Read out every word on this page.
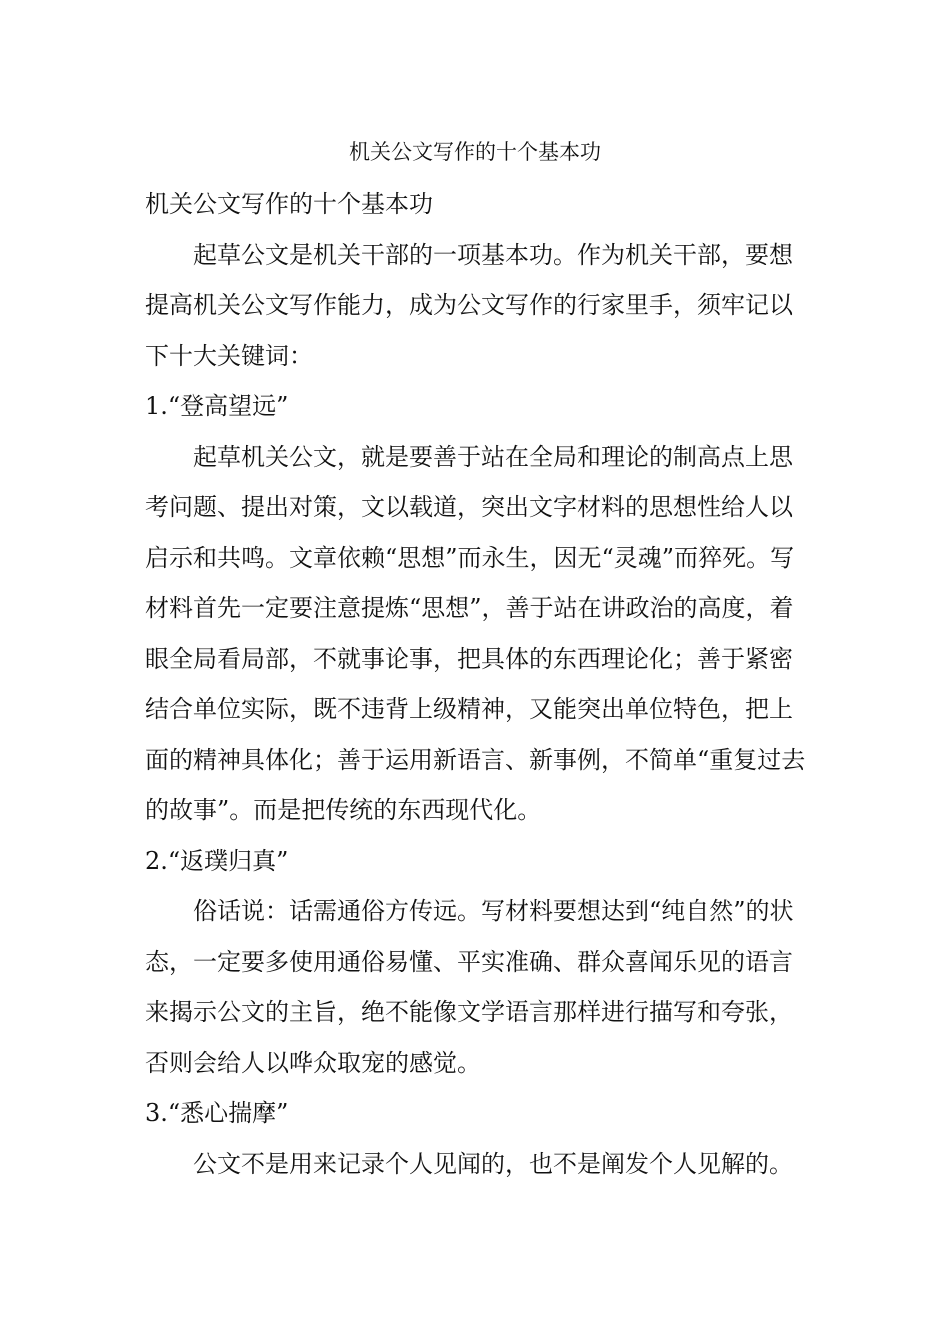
机关公文写作的十个基本功

机关公文写作的十个基本功

起草公文是机关干部的一项基本功。作为机关干部，要想提高机关公文写作能力，成为公文写作的行家里手，须牢记以下十大关键词：

1.“登高望远”

起草机关公文，就是要善于站在全局和理论的制高点上思考问题、提出对策，文以载道，突出文字材料的思想性给人以启示和共鸣。文章依赖“思想”而永生，因无“灵魂”而猝死。写材料首先一定要注意提炼“思想”，善于站在讲政治的高度，着眼全局看局部，不就事论事，把具体的东西理论化；善于紧密结合单位实际，既不违背上级精神，又能突出单位特色，把上面的精神具体化；善于运用新语言、新事例，不简单“重复过去的故事”。而是把传统的东西现代化。

2.“返璞归真”

俗话说：话需通俗方传远。写材料要想达到“纯自然”的状态，一定要多使用通俗易懂、平实准确、群众喜闻乐见的语言来揭示公文的主旨，绝不能像文学语言那样进行描写和夸张，否则会给人以哗众取宠的感觉。

3.“悉心揣摩”

公文不是用来记录个人见闻的，也不是阐发个人见解的。
